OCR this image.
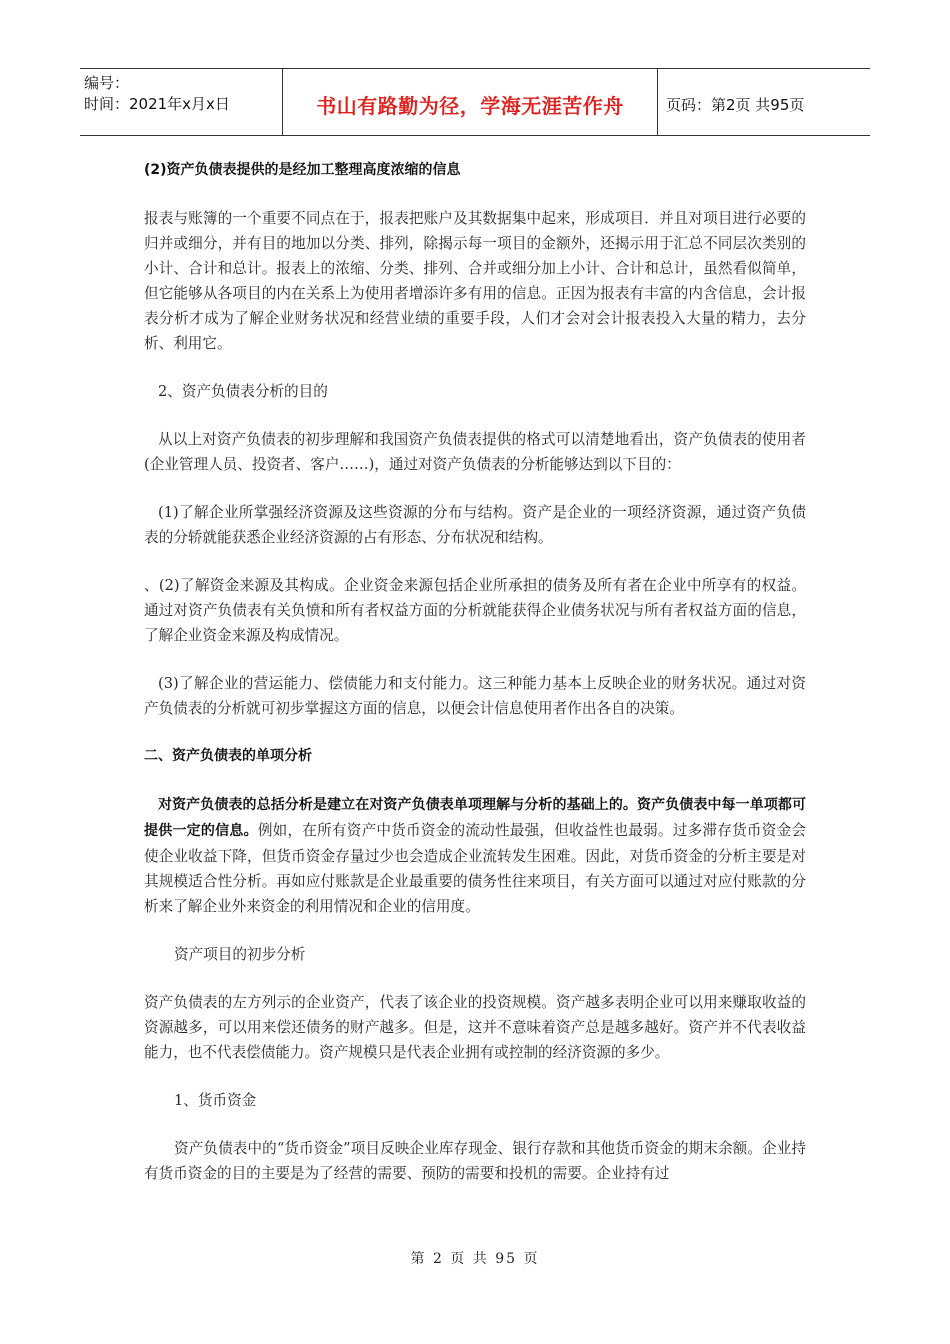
编号：
时间：2021年x月x日	书山有路勤为径，学海无涯苦作舟	页码：第2页 共95页

(2)资产负债表提供的是经加工整理高度浓缩的信息

报表与账簿的一个重要不同点在于，报表把账户及其数据集中起来，形成项目．并且对项目进行必要的归并或细分，并有目的地加以分类、排列，除揭示每一项目的金额外，还揭示用于汇总不同层次类别的小计、合计和总计。报表上的浓缩、分类、排列、合并或细分加上小计、合计和总计，虽然看似简单，但它能够从各项目的内在关系上为使用者增添许多有用的信息。正因为报表有丰富的内含信息，会计报表分析才成为了解企业财务状况和经营业绩的重要手段，人们才会对会计报表投入大量的精力，去分析、利用它。

2、资产负债表分析的目的

从以上对资产负债表的初步理解和我国资产负债表提供的格式可以清楚地看出，资产负债表的使用者(企业管理人员、投资者、客户……)，通过对资产负债表的分析能够达到以下目的：

(1)了解企业所掌强经济资源及这些资源的分布与结构。资产是企业的一项经济资源，通过资产负债表的分轿就能获悉企业经济资源的占有形态、分布状况和结构。

、(2)了解资金来源及其构成。企业资金来源包括企业所承担的债务及所有者在企业中所享有的权益。通过对资产负债表有关负愤和所有者权益方面的分析就能获得企业债务状况与所有者权益方面的信息，了解企业资金来源及构成情况。

(3)了解企业的营运能力、偿债能力和支付能力。这三种能力基本上反映企业的财务状况。通过对资产负债表的分析就可初步掌握这方面的信息，以便会计信息使用者作出各自的决策。

二、资产负债表的单项分析

对资产负债表的总括分析是建立在对资产负债表单项理解与分析的基础上的。资产负债表中每一单项都可提供一定的信息。例如，在所有资产中货币资金的流动性最强，但收益性也最弱。过多滞存货币资金会使企业收益下降，但货币资金存量过少也会造成企业流转发生困难。因此，对货币资金的分析主要是对其规模适合性分析。再如应付账款是企业最重要的债务性往来项目，有关方面可以通过对应付账款的分析来了解企业外来资金的利用情况和企业的信用度。

资产项目的初步分析

资产负债表的左方列示的企业资产，代表了该企业的投资规模。资产越多表明企业可以用来赚取收益的资源越多，可以用来偿还债务的财产越多。但是，这并不意味着资产总是越多越好。资产并不代表收益能力，也不代表偿债能力。资产规模只是代表企业拥有或控制的经济资源的多少。

1、货币资金

资产负债表中的“货币资金”项目反映企业库存现金、银行存款和其他货币资金的期末余额。企业持有货币资金的目的主要是为了经营的需要、预防的需要和投机的需要。企业持有过

第 2 页 共 95 页
